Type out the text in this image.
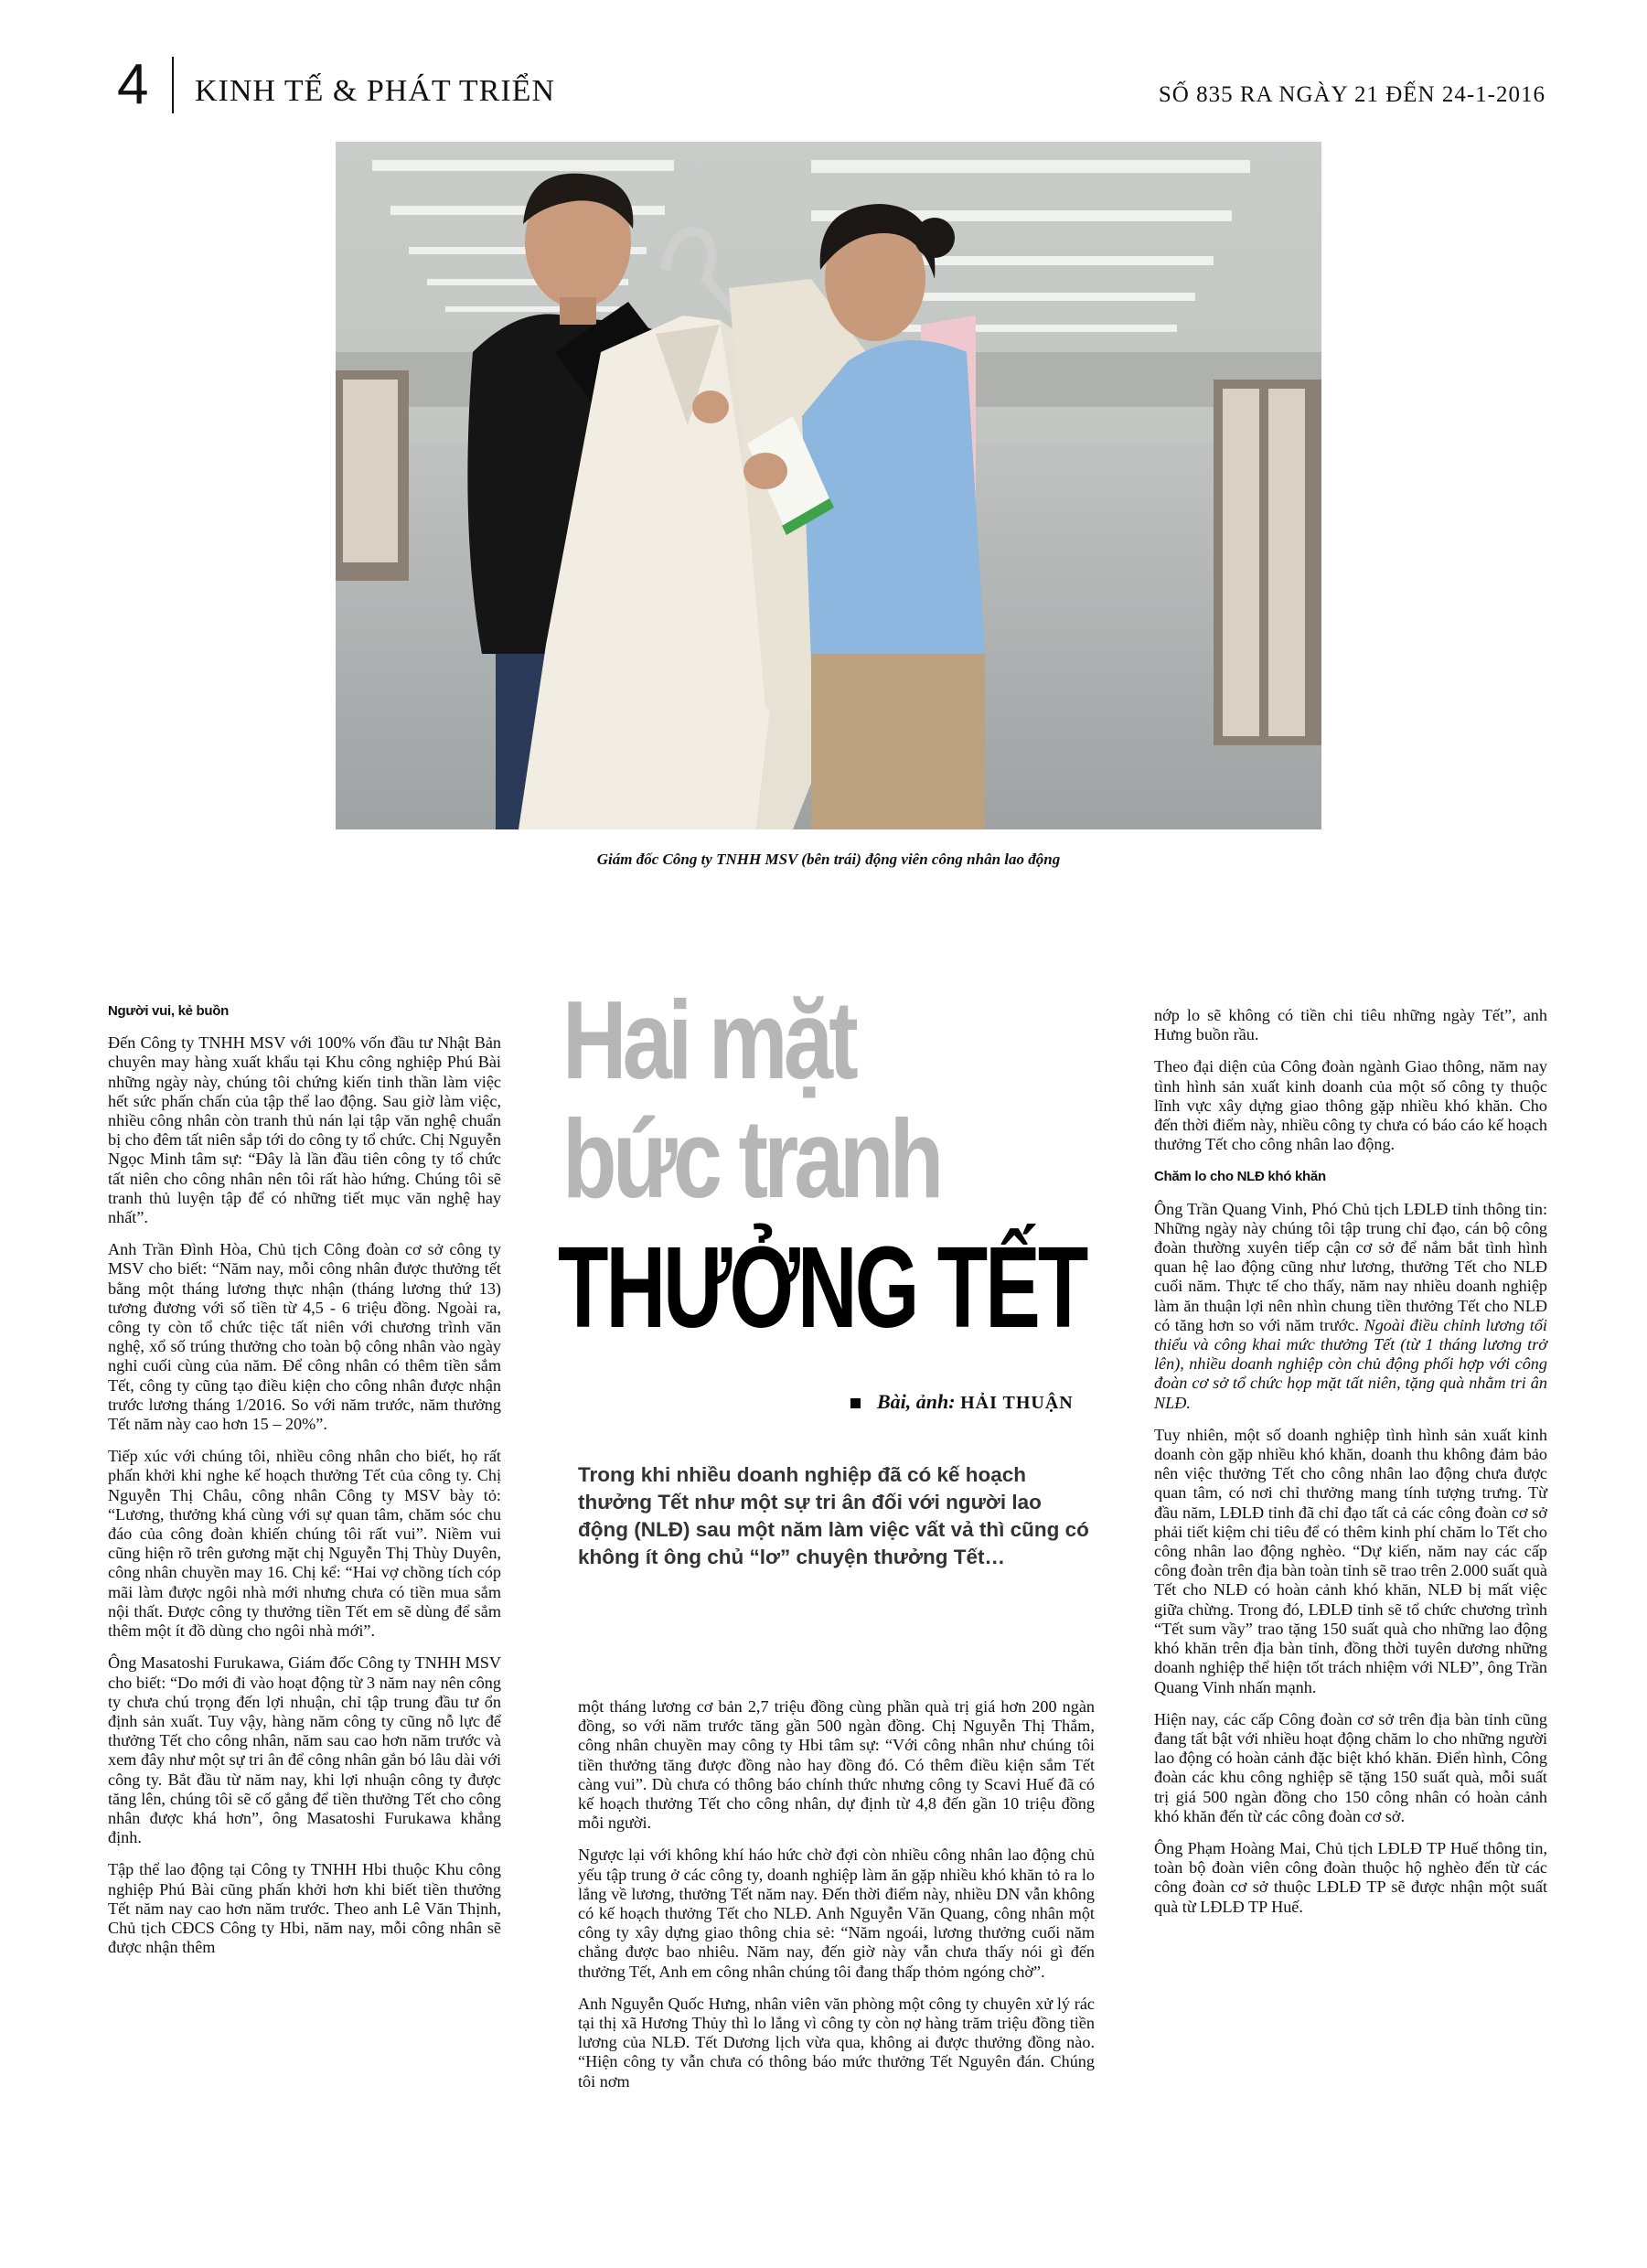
4 KINH TẾ & PHÁT TRIỂN	SỐ 835 RA NGÀY 21 ĐẾN 24-1-2016
Giám đốc Công ty TNHH MSV (bên trái) động viên công nhân lao động
Hai mặt
bức tranh
THƯỞNG TẾT
Bài, ảnh: HẢI THUẬN
Trong khi nhiều doanh nghiệp đã có kế hoạch thưởng Tết như một sự tri ân đối với người lao động (NLĐ) sau một năm làm việc vất vả thì cũng có không ít ông chủ “lơ” chuyện thưởng Tết…
Người vui, kẻ buồn

Đến Công ty TNHH MSV với 100% vốn đầu tư Nhật Bản chuyên may hàng xuất khẩu tại Khu công nghiệp Phú Bài những ngày này, chúng tôi chứng kiến tinh thần làm việc hết sức phấn chấn của tập thể lao động. Sau giờ làm việc, nhiều công nhân còn tranh thủ nán lại tập văn nghệ chuẩn bị cho đêm tất niên sắp tới do công ty tổ chức. Chị Nguyễn Ngọc Minh tâm sự: “Đây là lần đầu tiên công ty tổ chức tất niên cho công nhân nên tôi rất hào hứng. Chúng tôi sẽ tranh thủ luyện tập để có những tiết mục văn nghệ hay nhất”.

Anh Trần Đình Hòa, Chủ tịch Công đoàn cơ sở công ty MSV cho biết: “Năm nay, mỗi công nhân được thưởng tết bằng một tháng lương thực nhận (tháng lương thứ 13) tương đương với số tiền từ 4,5 - 6 triệu đồng. Ngoài ra, công ty còn tổ chức tiệc tất niên với chương trình văn nghệ, xổ số trúng thưởng cho toàn bộ công nhân vào ngày nghỉ cuối cùng của năm. Để công nhân có thêm tiền sắm Tết, công ty cũng tạo điều kiện cho công nhân được nhận trước lương tháng 1/2016. So với năm trước, năm thưởng Tết năm này cao hơn 15 – 20%”.

Tiếp xúc với chúng tôi, nhiều công nhân cho biết, họ rất phấn khởi khi nghe kế hoạch thưởng Tết của công ty. Chị Nguyễn Thị Châu, công nhân Công ty MSV bày tỏ: “Lương, thưởng khá cùng với sự quan tâm, chăm sóc chu đáo của công đoàn khiến chúng tôi rất vui”. Niềm vui cũng hiện rõ trên gương mặt chị Nguyễn Thị Thùy Duyên, công nhân chuyền may 16. Chị kể: “Hai vợ chồng tích cóp mãi làm được ngôi nhà mới nhưng chưa có tiền mua sắm nội thất. Được công ty thưởng tiền Tết em sẽ dùng để sắm thêm một ít đồ dùng cho ngôi nhà mới”.

Ông Masatoshi Furukawa, Giám đốc Công ty TNHH MSV cho biết: “Do mới đi vào hoạt động từ 3 năm nay nên công ty chưa chú trọng đến lợi nhuận, chỉ tập trung đầu tư ổn định sản xuất. Tuy vậy, hàng năm công ty cũng nỗ lực để thưởng Tết cho công nhân, năm sau cao hơn năm trước và xem đây như một sự tri ân để công nhân gắn bó lâu dài với công ty. Bắt đầu từ năm nay, khi lợi nhuận công ty được tăng lên, chúng tôi sẽ cố gắng để tiền thưởng Tết cho công nhân được khá hơn”, ông Masatoshi Furukawa khẳng định.

Tập thể lao động tại Công ty TNHH Hbi thuộc Khu công nghiệp Phú Bài cũng phấn khởi hơn khi biết tiền thưởng Tết năm nay cao hơn năm trước. Theo anh Lê Văn Thịnh, Chủ tịch CĐCS Công ty Hbi, năm nay, mỗi công nhân sẽ được nhận thêm

một tháng lương cơ bản 2,7 triệu đồng cùng phần quà trị giá hơn 200 ngàn đồng, so với năm trước tăng gần 500 ngàn đồng. Chị Nguyễn Thị Thắm, công nhân chuyền may công ty Hbi tâm sự: “Với công nhân như chúng tôi tiền thưởng tăng được đồng nào hay đồng đó. Có thêm điều kiện sắm Tết càng vui”. Dù chưa có thông báo chính thức nhưng công ty Scavi Huế đã có kế hoạch thưởng Tết cho công nhân, dự định từ 4,8 đến gần 10 triệu đồng mỗi người.

Ngược lại với không khí háo hức chờ đợi còn nhiều công nhân lao động chủ yếu tập trung ở các công ty, doanh nghiệp làm ăn gặp nhiều khó khăn tỏ ra lo lắng về lương, thưởng Tết năm nay. Đến thời điểm này, nhiều DN vẫn không có kế hoạch thưởng Tết cho NLĐ. Anh Nguyễn Văn Quang, công nhân một công ty xây dựng giao thông chia sẻ: “Năm ngoái, lương thưởng cuối năm chẳng được bao nhiêu. Năm nay, đến giờ này vẫn chưa thấy nói gì đến thưởng Tết, Anh em công nhân chúng tôi đang thấp thỏm ngóng chờ”.

Anh Nguyễn Quốc Hưng, nhân viên văn phòng một công ty chuyên xử lý rác tại thị xã Hương Thủy thì lo lắng vì công ty còn nợ hàng trăm triệu đồng tiền lương của NLĐ. Tết Dương lịch vừa qua, không ai được thưởng đồng nào. “Hiện công ty vẫn chưa có thông báo mức thưởng Tết Nguyên đán. Chúng tôi nơm

nớp lo sẽ không có tiền chi tiêu những ngày Tết”, anh Hưng buồn rầu.

Theo đại diện của Công đoàn ngành Giao thông, năm nay tình hình sản xuất kinh doanh của một số công ty thuộc lĩnh vực xây dựng giao thông gặp nhiều khó khăn. Cho đến thời điểm này, nhiều công ty chưa có báo cáo kế hoạch thưởng Tết cho công nhân lao động.

Chăm lo cho NLĐ khó khăn

Ông Trần Quang Vinh, Phó Chủ tịch LĐLĐ tỉnh thông tin: Những ngày này chúng tôi tập trung chỉ đạo, cán bộ công đoàn thường xuyên tiếp cận cơ sở để nắm bắt tình hình quan hệ lao động cũng như lương, thưởng Tết cho NLĐ cuối năm. Thực tế cho thấy, năm nay nhiều doanh nghiệp làm ăn thuận lợi nên nhìn chung tiền thưởng Tết cho NLĐ có tăng hơn so với năm trước. Ngoài điều chỉnh lương tối thiểu và công khai mức thưởng Tết (từ 1 tháng lương trở lên), nhiều doanh nghiệp còn chủ động phối hợp với công đoàn cơ sở tổ chức họp mặt tất niên, tặng quà nhằm tri ân NLĐ.

Tuy nhiên, một số doanh nghiệp tình hình sản xuất kinh doanh còn gặp nhiều khó khăn, doanh thu không đảm bảo nên việc thưởng Tết cho công nhân lao động chưa được quan tâm, có nơi chỉ thưởng mang tính tượng trưng. Từ đầu năm, LĐLĐ tỉnh đã chỉ đạo tất cả các công đoàn cơ sở phải tiết kiệm chi tiêu để có thêm kinh phí chăm lo Tết cho công nhân lao động nghèo. “Dự kiến, năm nay các cấp công đoàn trên địa bàn toàn tỉnh sẽ trao trên 2.000 suất quà Tết cho NLĐ có hoàn cảnh khó khăn, NLĐ bị mất việc giữa chừng. Trong đó, LĐLĐ tỉnh sẽ tổ chức chương trình “Tết sum vầy” trao tặng 150 suất quà cho những lao động khó khăn trên địa bàn tỉnh, đồng thời tuyên dương những doanh nghiệp thể hiện tốt trách nhiệm với NLĐ”, ông Trần Quang Vinh nhấn mạnh.

Hiện nay, các cấp Công đoàn cơ sở trên địa bàn tỉnh cũng đang tất bật với nhiều hoạt động chăm lo cho những người lao động có hoàn cảnh đặc biệt khó khăn. Điển hình, Công đoàn các khu công nghiệp sẽ tặng 150 suất quà, mỗi suất trị giá 500 ngàn đồng cho 150 công nhân có hoàn cảnh khó khăn đến từ các công đoàn cơ sở.

Ông Phạm Hoàng Mai, Chủ tịch LĐLĐ TP Huế thông tin, toàn bộ đoàn viên công đoàn thuộc hộ nghèo đến từ các công đoàn cơ sở thuộc LĐLĐ TP sẽ được nhận một suất quà từ LĐLĐ TP Huế.
